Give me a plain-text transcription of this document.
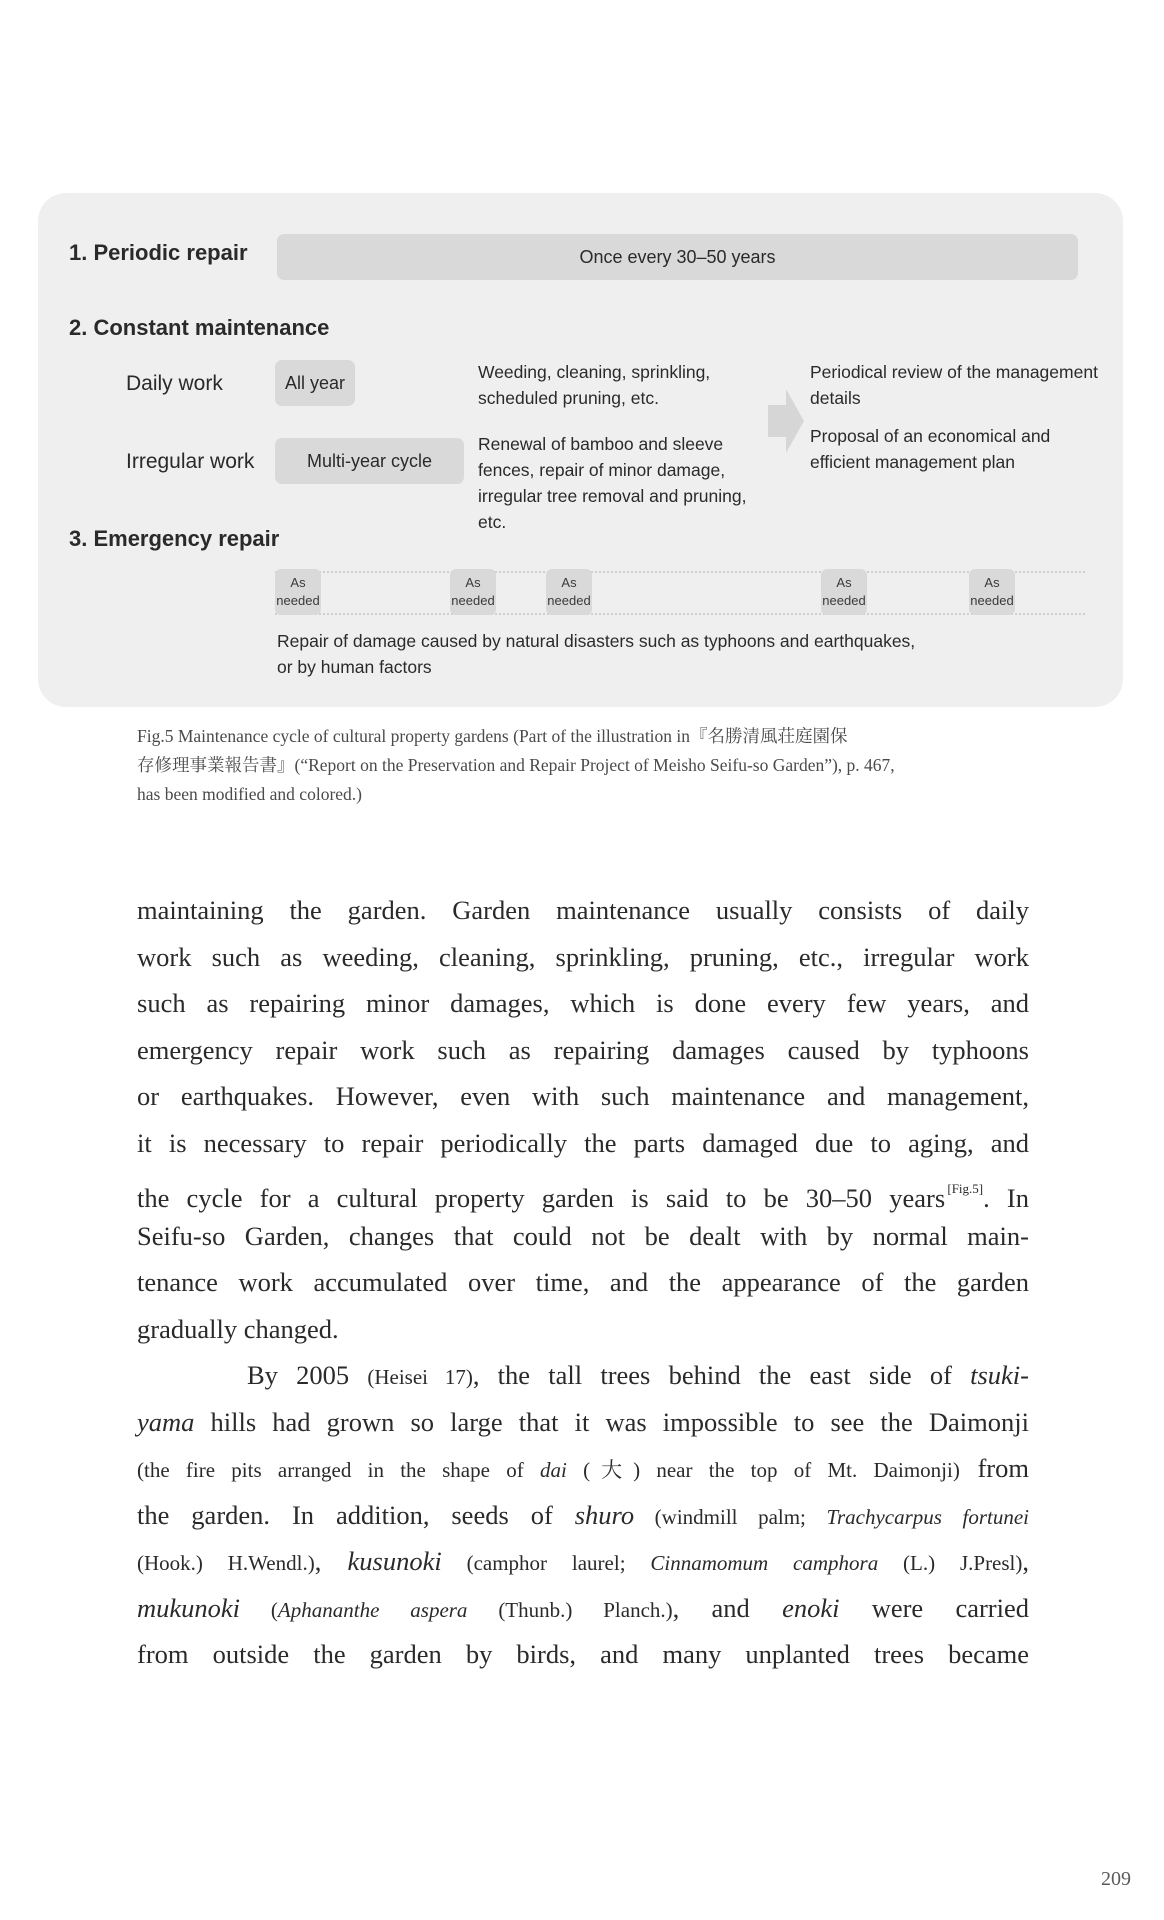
1. Periodic repair	Once every 30–50 years
2. Constant maintenance
Daily work	All year
Weeding, cleaning, sprinkling, scheduled pruning, etc.
Irregular work	Multi-year cycle
Renewal of bamboo and sleeve fences, repair of minor damage, irregular tree removal and pruning, etc.
Periodical review of the management details
Proposal of an economical and efficient management plan
3. Emergency repair
As
needed
As
needed
As
needed
As
needed
As
needed
Repair of damage caused by natural disasters such as typhoons and earthquakes,
or by human factors
Fig.5 Maintenance cycle of cultural property gardens (Part of the illustration in『名勝清風荘庭園保
存修理事業報告書』(“Report on the Preservation and Repair Project of Meisho Seifu-so Garden”), p. 467,
has been modified and colored.)
maintaining the garden. Garden maintenance usually consists of daily
work such as weeding, cleaning, sprinkling, pruning, etc., irregular work
such as repairing minor damages, which is done every few years, and
emergency repair work such as repairing damages caused by typhoons
or earthquakes. However, even with such maintenance and management,
it is necessary to repair periodically the parts damaged due to aging, and
the cycle for a cultural property garden is said to be 30–50 years  [Fig.5]. In
Seifu-so Garden, changes that could not be dealt with by normal main-
tenance work accumulated over time, and the appearance of the garden
gradually changed.
By 2005 (Heisei 17), the tall trees behind the east side of tsuki-
yama hills had grown so large that it was impossible to see the Daimonji
(the fire pits arranged in the shape of dai (大) near the top of Mt. Daimonji) from
the garden. In addition, seeds of shuro (windmill palm; Trachycarpus fortunei
(Hook.) H.Wendl.), kusunoki (camphor laurel; Cinnamomum camphora (L.) J.Presl),
mukunoki (Aphananthe aspera (Thunb.) Planch.), and enoki were carried
from outside the garden by birds, and many unplanted trees became
209
